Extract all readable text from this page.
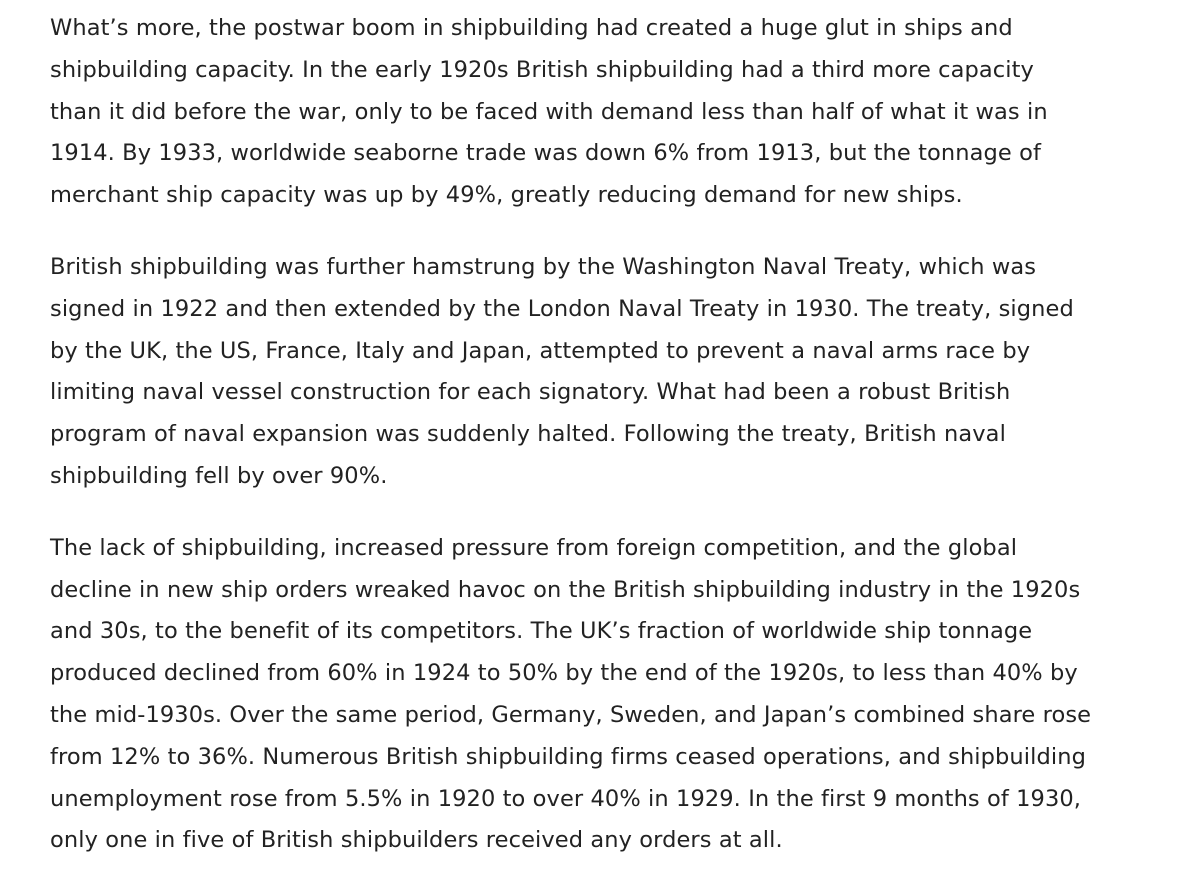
What’s more, the postwar boom in shipbuilding had created a huge glut in ships and
shipbuilding capacity. In the early 1920s British shipbuilding had a third more capacity
than it did before the war, only to be faced with demand less than half of what it was in
1914. By 1933, worldwide seaborne trade was down 6% from 1913, but the tonnage of
merchant ship capacity was up by 49%, greatly reducing demand for new ships.

British shipbuilding was further hamstrung by the Washington Naval Treaty, which was
signed in 1922 and then extended by the London Naval Treaty in 1930. The treaty, signed
by the UK, the US, France, Italy and Japan, attempted to prevent a naval arms race by
limiting naval vessel construction for each signatory. What had been a robust British
program of naval expansion was suddenly halted. Following the treaty, British naval
shipbuilding fell by over 90%.

The lack of shipbuilding, increased pressure from foreign competition, and the global
decline in new ship orders wreaked havoc on the British shipbuilding industry in the 1920s
and 30s, to the benefit of its competitors. The UK’s fraction of worldwide ship tonnage
produced declined from 60% in 1924 to 50% by the end of the 1920s, to less than 40% by
the mid-1930s. Over the same period, Germany, Sweden, and Japan’s combined share rose
from 12% to 36%. Numerous British shipbuilding firms ceased operations, and shipbuilding
unemployment rose from 5.5% in 1920 to over 40% in 1929. In the first 9 months of 1930,
only one in five of British shipbuilders received any orders at all.
